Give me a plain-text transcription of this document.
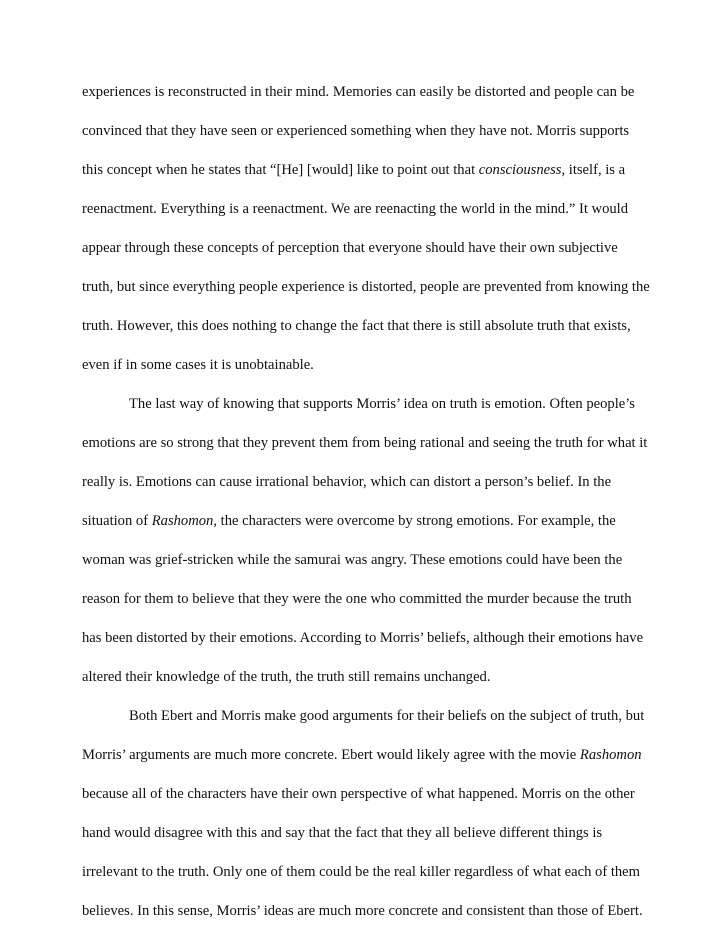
experiences is reconstructed in their mind. Memories can easily be distorted and people can be
convinced that they have seen or experienced something when they have not. Morris supports
this concept when he states that “[He] [would] like to point out that consciousness, itself, is a
reenactment. Everything is a reenactment. We are reenacting the world in the mind.” It would
appear through these concepts of perception that everyone should have their own subjective
truth, but since everything people experience is distorted, people are prevented from knowing the
truth. However, this does nothing to change the fact that there is still absolute truth that exists,
even if in some cases it is unobtainable.
The last way of knowing that supports Morris’ idea on truth is emotion. Often people’s
emotions are so strong that they prevent them from being rational and seeing the truth for what it
really is. Emotions can cause irrational behavior, which can distort a person’s belief. In the
situation of Rashomon, the characters were overcome by strong emotions. For example, the
woman was grief-stricken while the samurai was angry. These emotions could have been the
reason for them to believe that they were the one who committed the murder because the truth
has been distorted by their emotions. According to Morris’ beliefs, although their emotions have
altered their knowledge of the truth, the truth still remains unchanged.
Both Ebert and Morris make good arguments for their beliefs on the subject of truth, but
Morris’ arguments are much more concrete. Ebert would likely agree with the movie Rashomon
because all of the characters have their own perspective of what happened. Morris on the other
hand would disagree with this and say that the fact that they all believe different things is
irrelevant to the truth. Only one of them could be the real killer regardless of what each of them
believes. In this sense, Morris’ ideas are much more concrete and consistent than those of Ebert.
